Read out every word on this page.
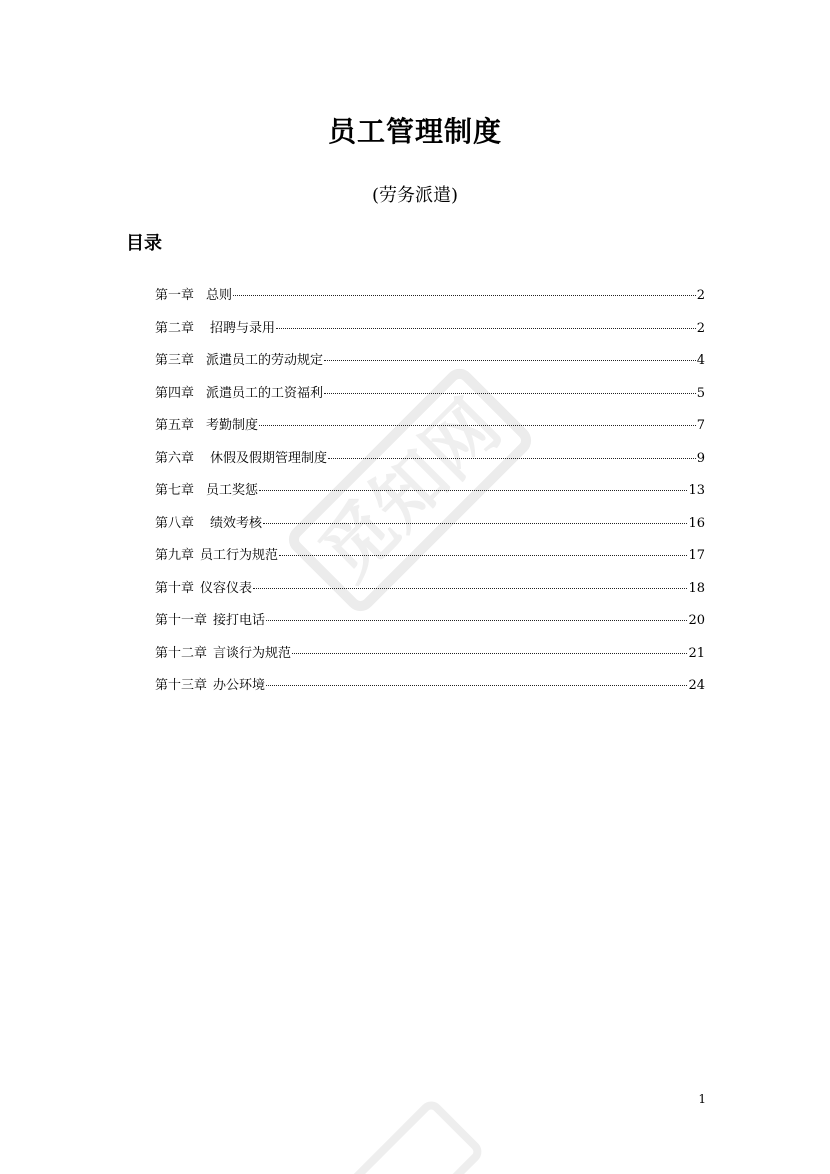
觅知网
员工管理制度
(劳务派遣)
目录
第一章 总则	2
第二章 招聘与录用	2
第三章 派遣员工的劳动规定	4
第四章 派遣员工的工资福利	5
第五章 考勤制度	7
第六章 休假及假期管理制度	9
第七章 员工奖惩	13
第八章 绩效考核	16
第九章 员工行为规范	17
第十章 仪容仪表	18
第十一章 接打电话	20
第十二章 言谈行为规范	21
第十三章 办公环境	24
1
